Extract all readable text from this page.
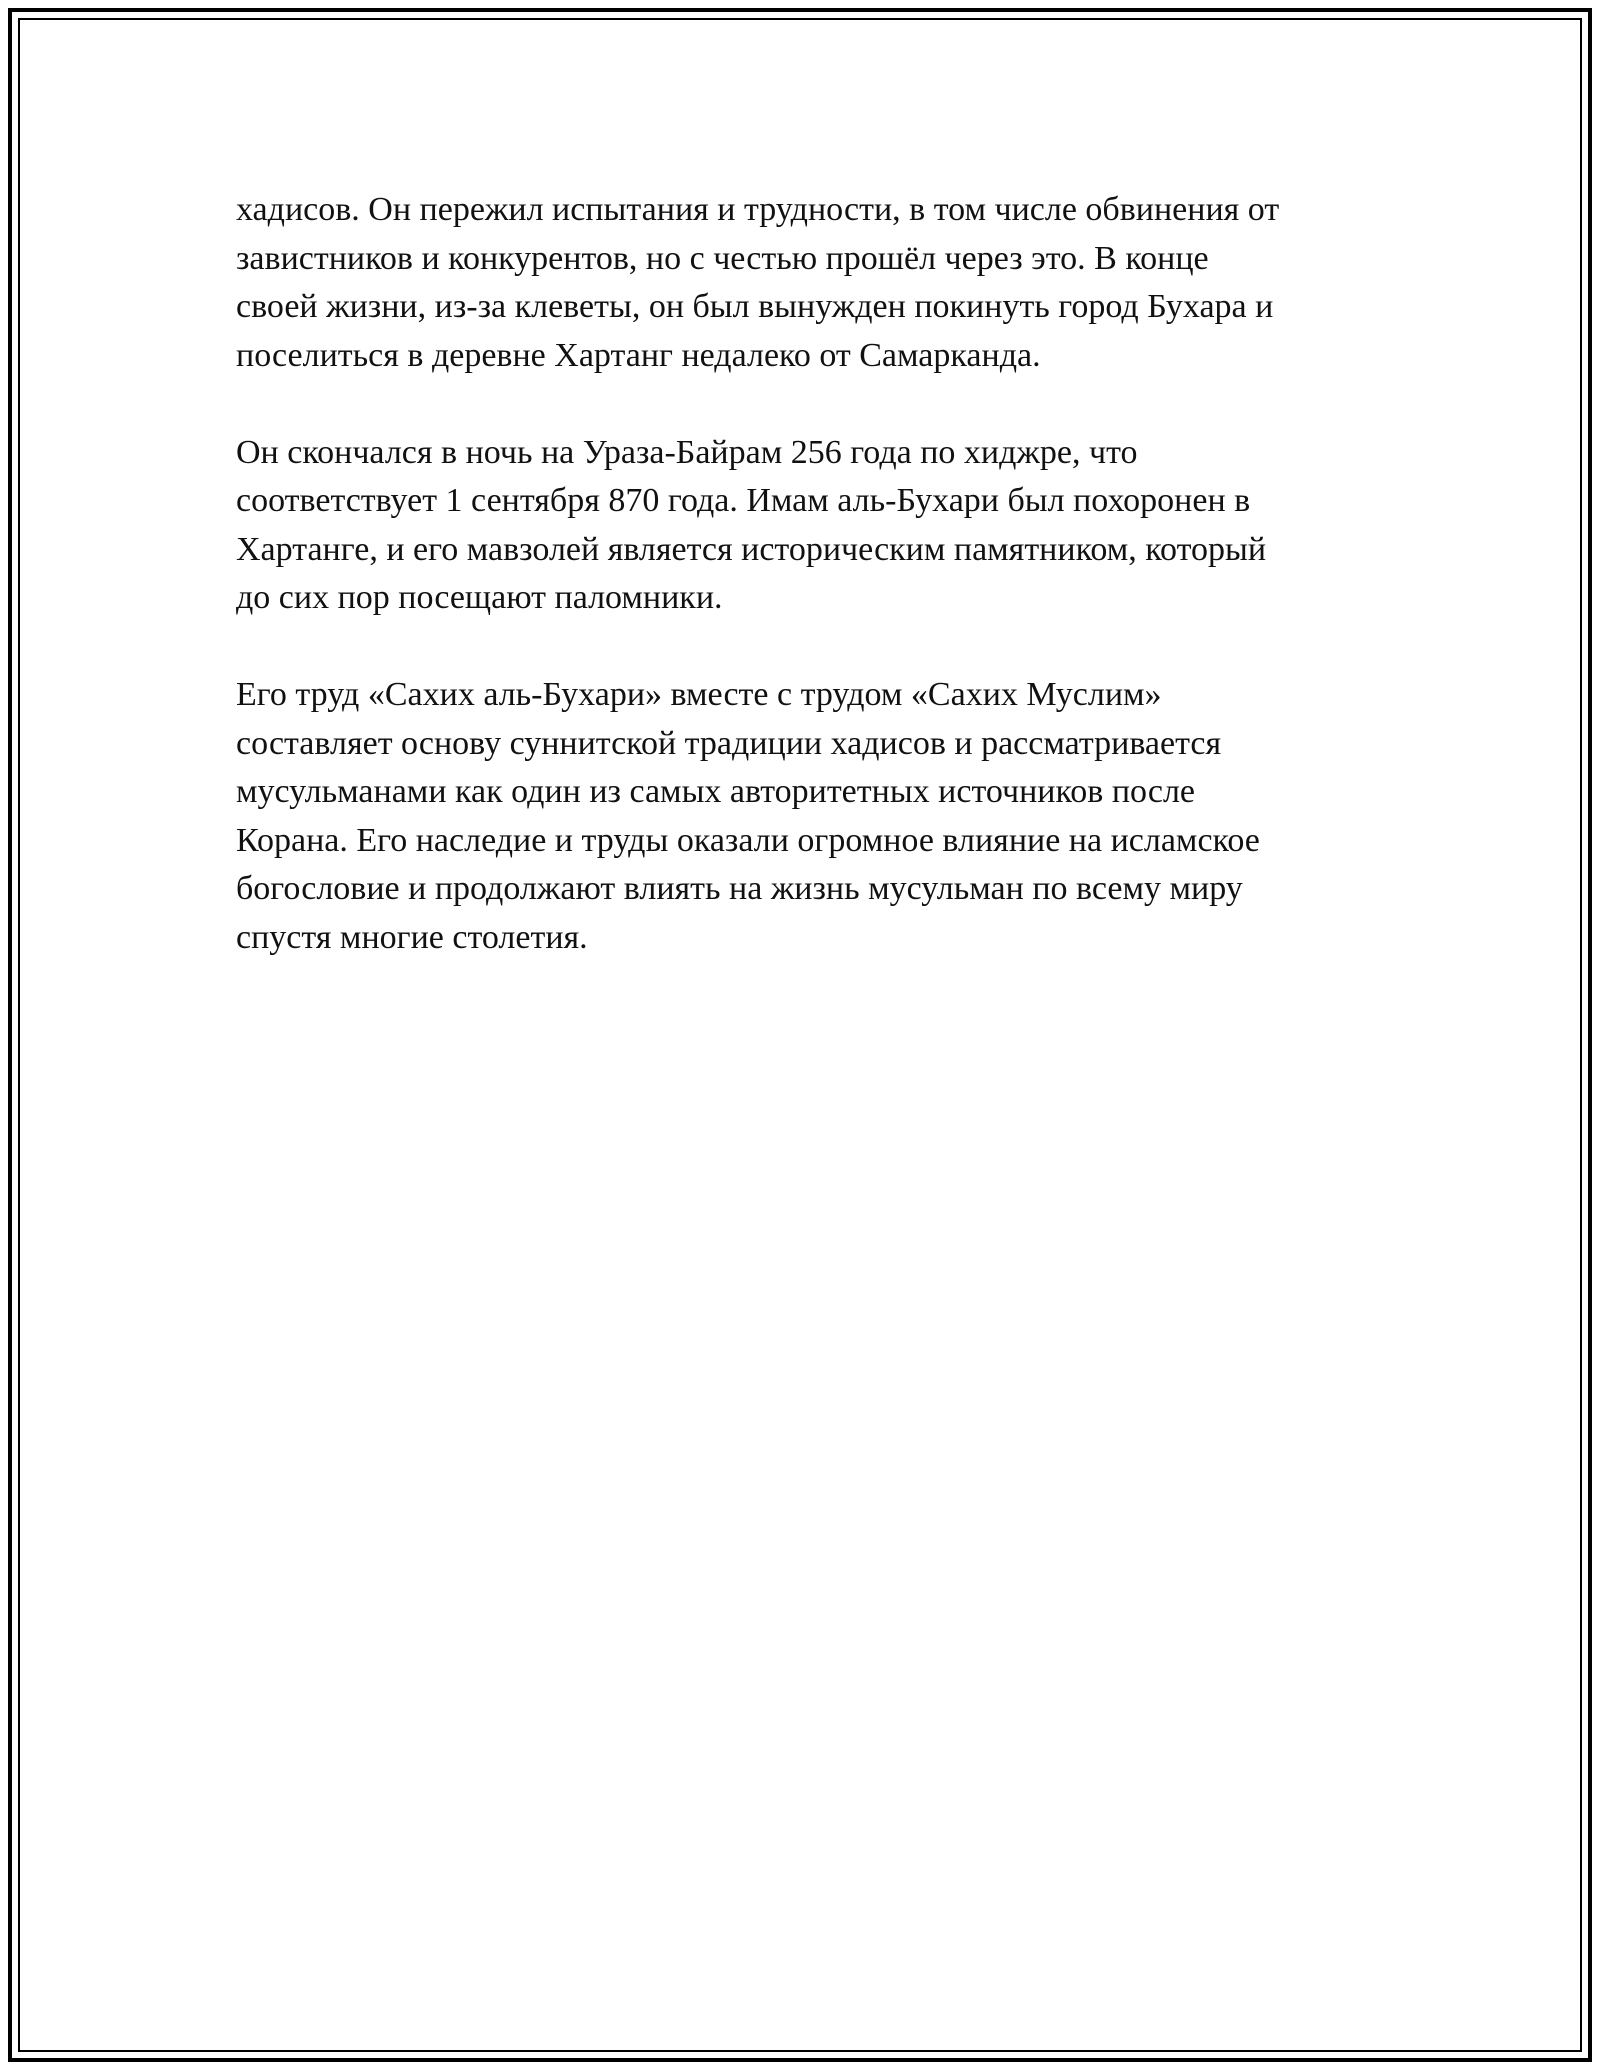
хадисов. Он пережил испытания и трудности, в том числе обвинения от
завистников и конкурентов, но с честью прошёл через это. В конце
своей жизни, из-за клеветы, он был вынужден покинуть город Бухара и
поселиться в деревне Хартанг недалеко от Самарканда.

Он скончался в ночь на Ураза-Байрам 256 года по хиджре, что
соответствует 1 сентября 870 года. Имам аль-Бухари был похоронен в
Хартанге, и его мавзолей является историческим памятником, который
до сих пор посещают паломники.

Его труд «Сахих аль-Бухари» вместе с трудом «Сахих Муслим»
составляет основу суннитской традиции хадисов и рассматривается
мусульманами как один из самых авторитетных источников после
Корана. Его наследие и труды оказали огромное влияние на исламское
богословие и продолжают влиять на жизнь мусульман по всему миру
спустя многие столетия.
